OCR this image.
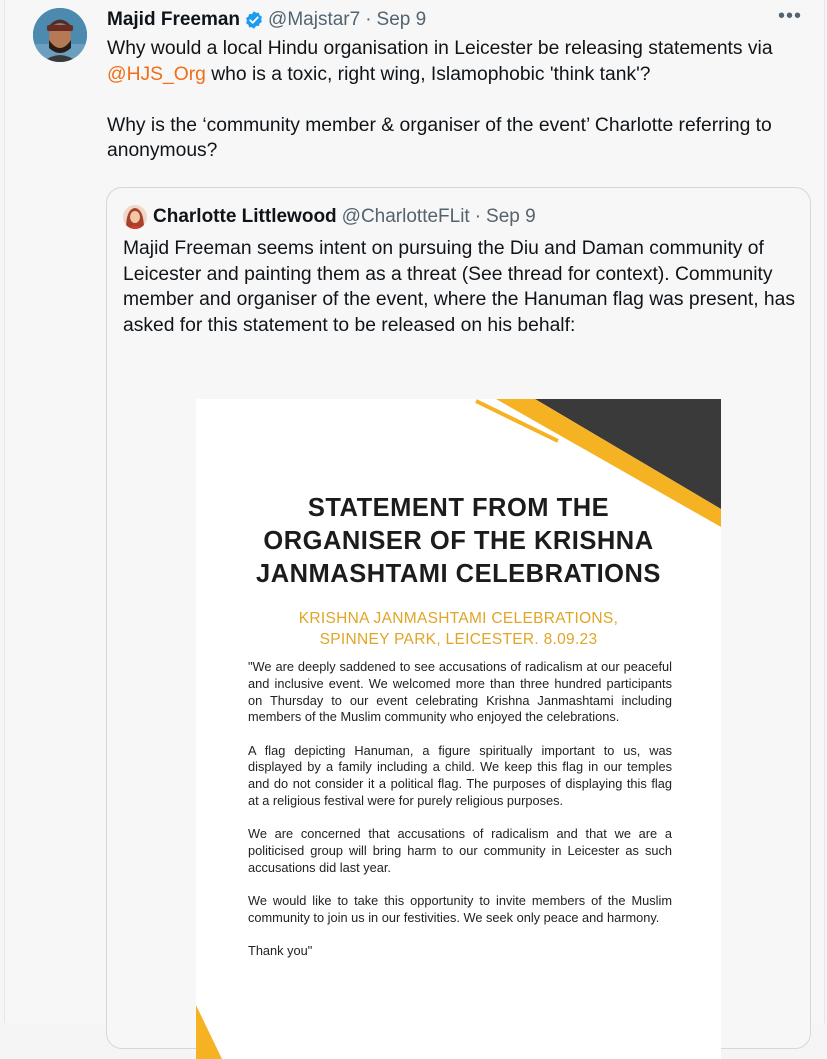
Majid Freeman @Majstar7 · Sep 9	•••
Why would a local Hindu organisation in Leicester be releasing statements via @HJS_Org who is a toxic, right wing, Islamophobic 'think tank'?

Why is the ‘community member & organiser of the event’ Charlotte referring to anonymous?
Charlotte Littlewood @CharlotteFLit · Sep 9
Majid Freeman seems intent on pursuing the Diu and Daman community of Leicester and painting them as a threat (See thread for context). Community member and organiser of the event, where the Hanuman flag was present, has asked for this statement to be released on his behalf:
STATEMENT FROM THE
ORGANISER OF THE KRISHNA
JANMASHTAMI CELEBRATIONS
KRISHNA JANMASHTAMI CELEBRATIONS,
SPINNEY PARK, LEICESTER. 8.09.23

"We are deeply saddened to see accusations of radicalism at our peaceful and inclusive event. We welcomed more than three hundred participants on Thursday to our event celebrating Krishna Janmashtami including members of the Muslim community who enjoyed the celebrations.

A flag depicting Hanuman, a figure spiritually important to us, was displayed by a family including a child. We keep this flag in our temples and do not consider it a political flag. The purposes of displaying this flag at a religious festival were for purely religious purposes.

We are concerned that accusations of radicalism and that we are a politicised group will bring harm to our community in Leicester as such accusations did last year.

We would like to take this opportunity to invite members of the Muslim community to join us in our festivities. We seek only peace and harmony.

Thank you"
